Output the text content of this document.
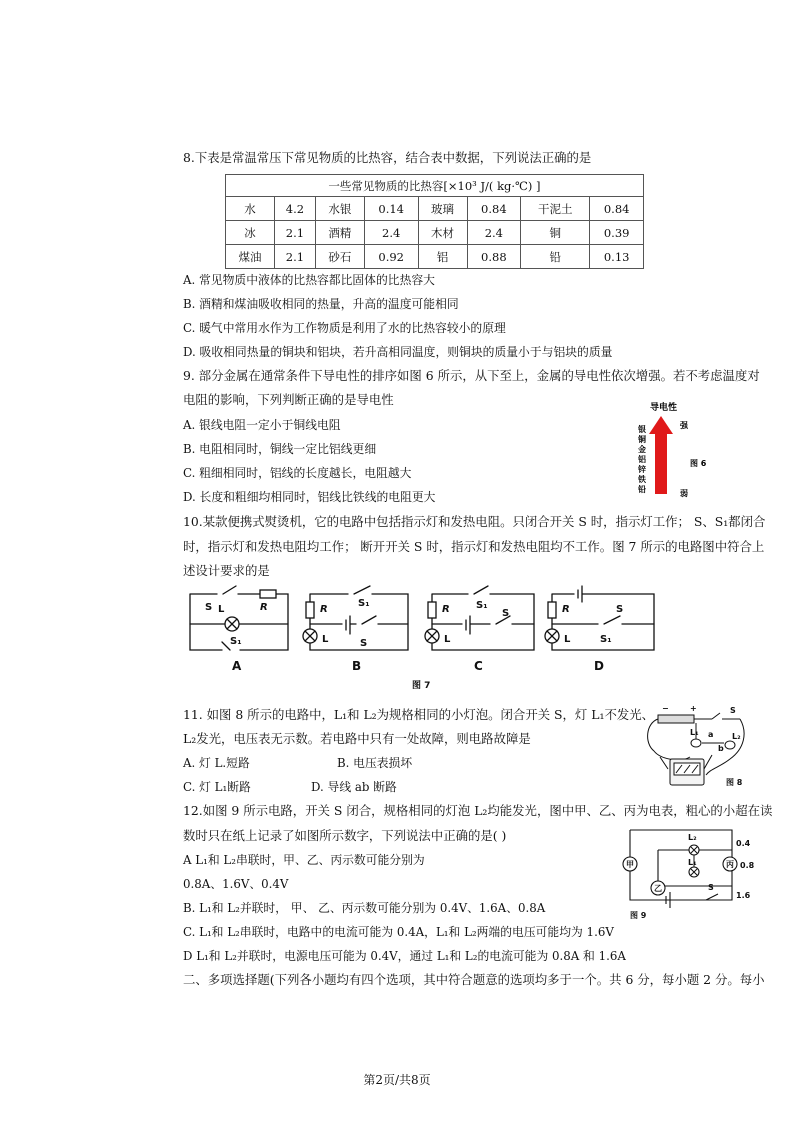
8.下表是常温常压下常见物质的比热容，结合表中数据，下列说法正确的是
一些常见物质的比热容[×10³ J/( kg·℃) ]							
水	4.2	水银	0.14	玻璃	0.84	干泥土	0.84
冰	2.1	酒精	2.4	木材	2.4	铜	0.39
煤油	2.1	砂石	0.92	铝	0.88	铅	0.13
A. 常见物质中液体的比热容都比固体的比热容大
B. 酒精和煤油吸收相同的热量，升高的温度可能相同
C. 暖气中常用水作为工作物质是利用了水的比热容较小的原理
D. 吸收相同热量的铜块和铝块，若升高相同温度，则铜块的质量小于与铝块的质量
9. 部分金属在通常条件下导电性的排序如图 6 所示，从下至上，金属的导电性依次增强。若不考虑温度对
电阻的影响，下列判断正确的是导电性
A. 银线电阻一定小于铜线电阻
B. 电阻相同时，铜线一定比铝线更细
C. 粗细相同时，铝线的长度越长，电阻越大
D. 长度和粗细均相同时，铝线比铁线的电阻更大
导电性
银
铜
金
铝
锌
铁
铅
强
图 6
弱
10.某款便携式熨烫机，它的电路中包括指示灯和发热电阻。只闭合开关 S 时，指示灯工作； S、S₁都闭合
时，指示灯和发热电阻均工作； 断开开关 S 时，指示灯和发热电阻均不工作。图 7 所示的电路图中符合上
述设计要求的是
S L	R
S₁
A
R
S₁
L	S
B
R	S₁
L
S
C
R	S
L	S₁
D
图 7
11. 如图 8 所示的电路中，L₁和 L₂为规格相同的小灯泡。闭合开关 S，灯 L₁不发光、
L₂发光，电压表无示数。若电路中只有一处故障，则电路故障是
A. 灯 L.短路	B. 电压表损坏
C. 灯 L₁断路	D. 导线 ab 断路
−	+	S
L₁	L₂
a
b
图 8
12.如图 9 所示电路，开关 S 闭合，规格相同的灯泡 L₂均能发光，图中甲、乙、丙为电表，粗心的小超在读
数时只在纸上记录了如图所示数字，下列说法中正确的是( )
A L₁和 L₂串联时，甲、乙、丙示数可能分别为
0.8A、1.6V、0.4V
B. L₁和 L₂并联时， 甲、 乙、丙示数可能分别为 0.4V、1.6A、0.8A
C. L₁和 L₂串联时，电路中的电流可能为 0.4A，L₁和 L₂两端的电压可能均为 1.6V
D L₁和 L₂并联时，电源电压可能为 0.4V，通过 L₁和 L₂的电流可能为 0.8A 和 1.6A
甲
乙
丙
L₂
L₁
0.4
0.8
1.6
S
图 9
二、多项选择题(下列各小题均有四个选项，其中符合题意的选项均多于一个。共 6 分，每小题 2 分。每小
第2页/共8页
